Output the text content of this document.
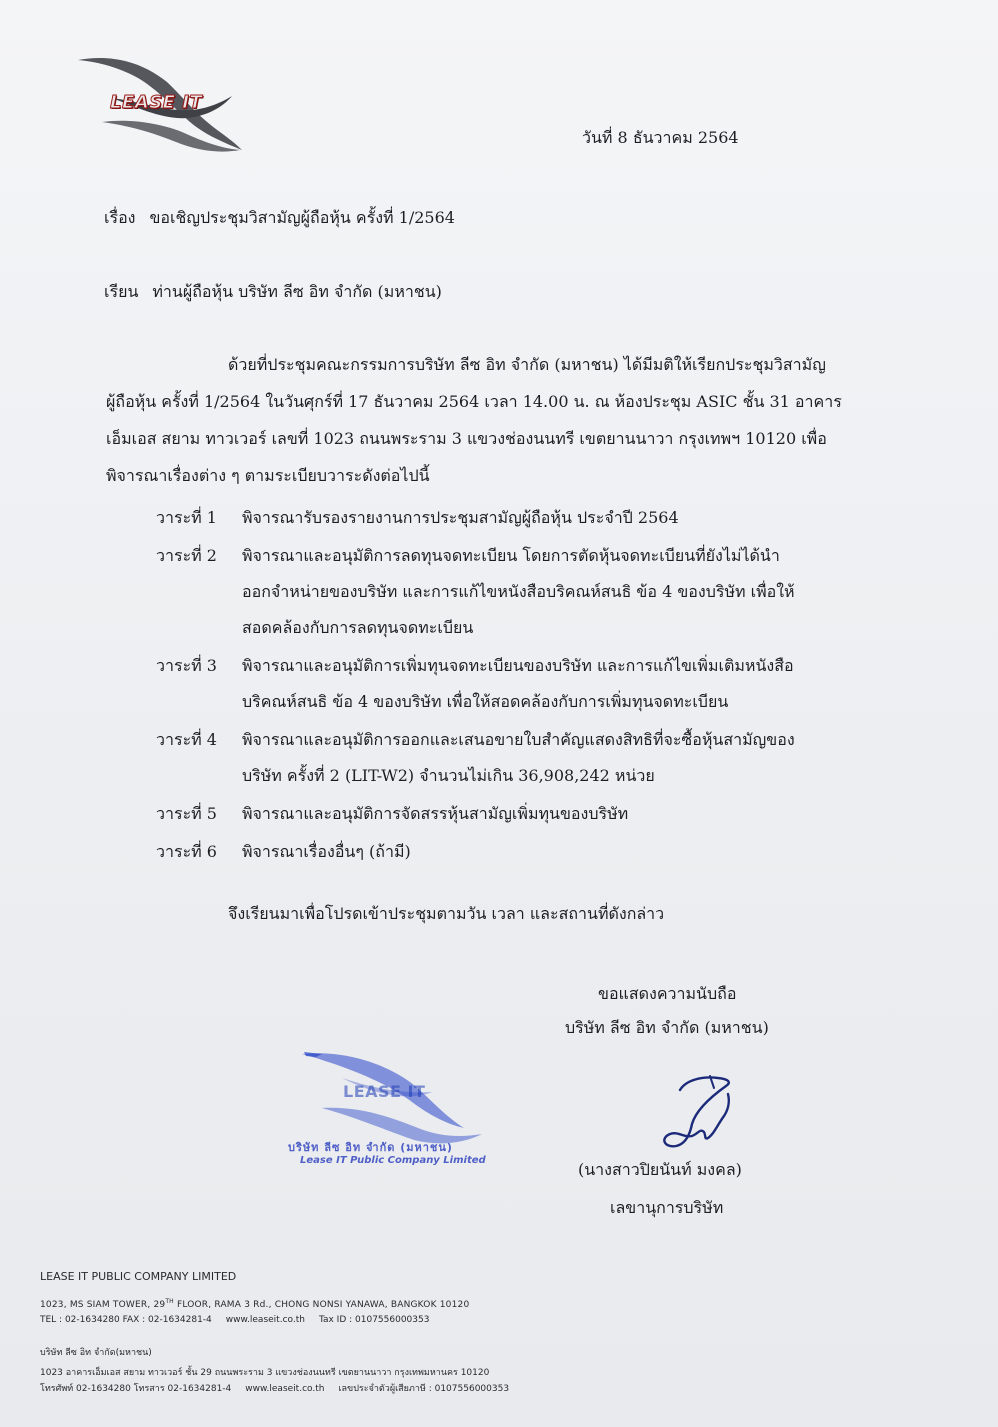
LEASE IT
วันที่ 8 ธันวาคม 2564
เรื่อง ขอเชิญประชุมวิสามัญผู้ถือหุ้น ครั้งที่ 1/2564
เรียน ท่านผู้ถือหุ้น บริษัท ลีซ อิท จำกัด (มหาชน)

ด้วยที่ประชุมคณะกรรมการบริษัท ลีซ อิท จำกัด (มหาชน) ได้มีมติให้เรียกประชุมวิสามัญ

ผู้ถือหุ้น ครั้งที่ 1/2564 ในวันศุกร์ที่ 17 ธันวาคม 2564 เวลา 14.00 น. ณ ห้องประชุม ASIC ชั้น 31 อาคาร

เอ็มเอส สยาม ทาวเวอร์ เลขที่ 1023 ถนนพระราม 3 แขวงช่องนนทรี เขตยานนาวา กรุงเทพฯ 10120 เพื่อ

พิจารณาเรื่องต่าง ๆ ตามระเบียบวาระดังต่อไปนี้

วาระที่ 1	พิจารณารับรองรายงานการประชุมสามัญผู้ถือหุ้น ประจำปี 2564
วาระที่ 2	พิจารณาและอนุมัติการลดทุนจดทะเบียน โดยการตัดหุ้นจดทะเบียนที่ยังไม่ได้นำ
ออกจำหน่ายของบริษัท และการแก้ไขหนังสือบริคณห์สนธิ ข้อ 4 ของบริษัท เพื่อให้
สอดคล้องกับการลดทุนจดทะเบียน
วาระที่ 3	พิจารณาและอนุมัติการเพิ่มทุนจดทะเบียนของบริษัท และการแก้ไขเพิ่มเติมหนังสือ
บริคณห์สนธิ ข้อ 4 ของบริษัท เพื่อให้สอดคล้องกับการเพิ่มทุนจดทะเบียน
วาระที่ 4	พิจารณาและอนุมัติการออกและเสนอขายใบสำคัญแสดงสิทธิที่จะซื้อหุ้นสามัญของ
บริษัท ครั้งที่ 2 (LIT-W2) จำนวนไม่เกิน 36,908,242 หน่วย
วาระที่ 5	พิจารณาและอนุมัติการจัดสรรหุ้นสามัญเพิ่มทุนของบริษัท
วาระที่ 6	พิจารณาเรื่องอื่นๆ (ถ้ามี)
จึงเรียนมาเพื่อโปรดเข้าประชุมตามวัน เวลา และสถานที่ดังกล่าว
ขอแสดงความนับถือ
บริษัท ลีซ อิท จำกัด (มหาชน)
LEASE IT
บริษัท ลีซ อิท จำกัด (มหาชน)
Lease IT Public Company Limited	(นางสาวปิยนันท์ มงคล)
เลขานุการบริษัท
LEASE IT PUBLIC COMPANY LIMITED
1023, MS SIAM TOWER, 29TH FLOOR, RAMA 3 Rd., CHONG NONSI YANAWA, BANGKOK 10120
TEL : 02-1634280 FAX : 02-1634281-4 www.leaseit.co.th Tax ID : 0107556000353
บริษัท ลีซ อิท จำกัด(มหาชน)
1023 อาคารเอ็มเอส สยาม ทาวเวอร์ ชั้น 29 ถนนพระราม 3 แขวงช่องนนทรี เขตยานนาวา กรุงเทพมหานคร 10120
โทรศัพท์ 02-1634280 โทรสาร 02-1634281-4 www.leaseit.co.th เลขประจำตัวผู้เสียภาษี : 0107556000353
